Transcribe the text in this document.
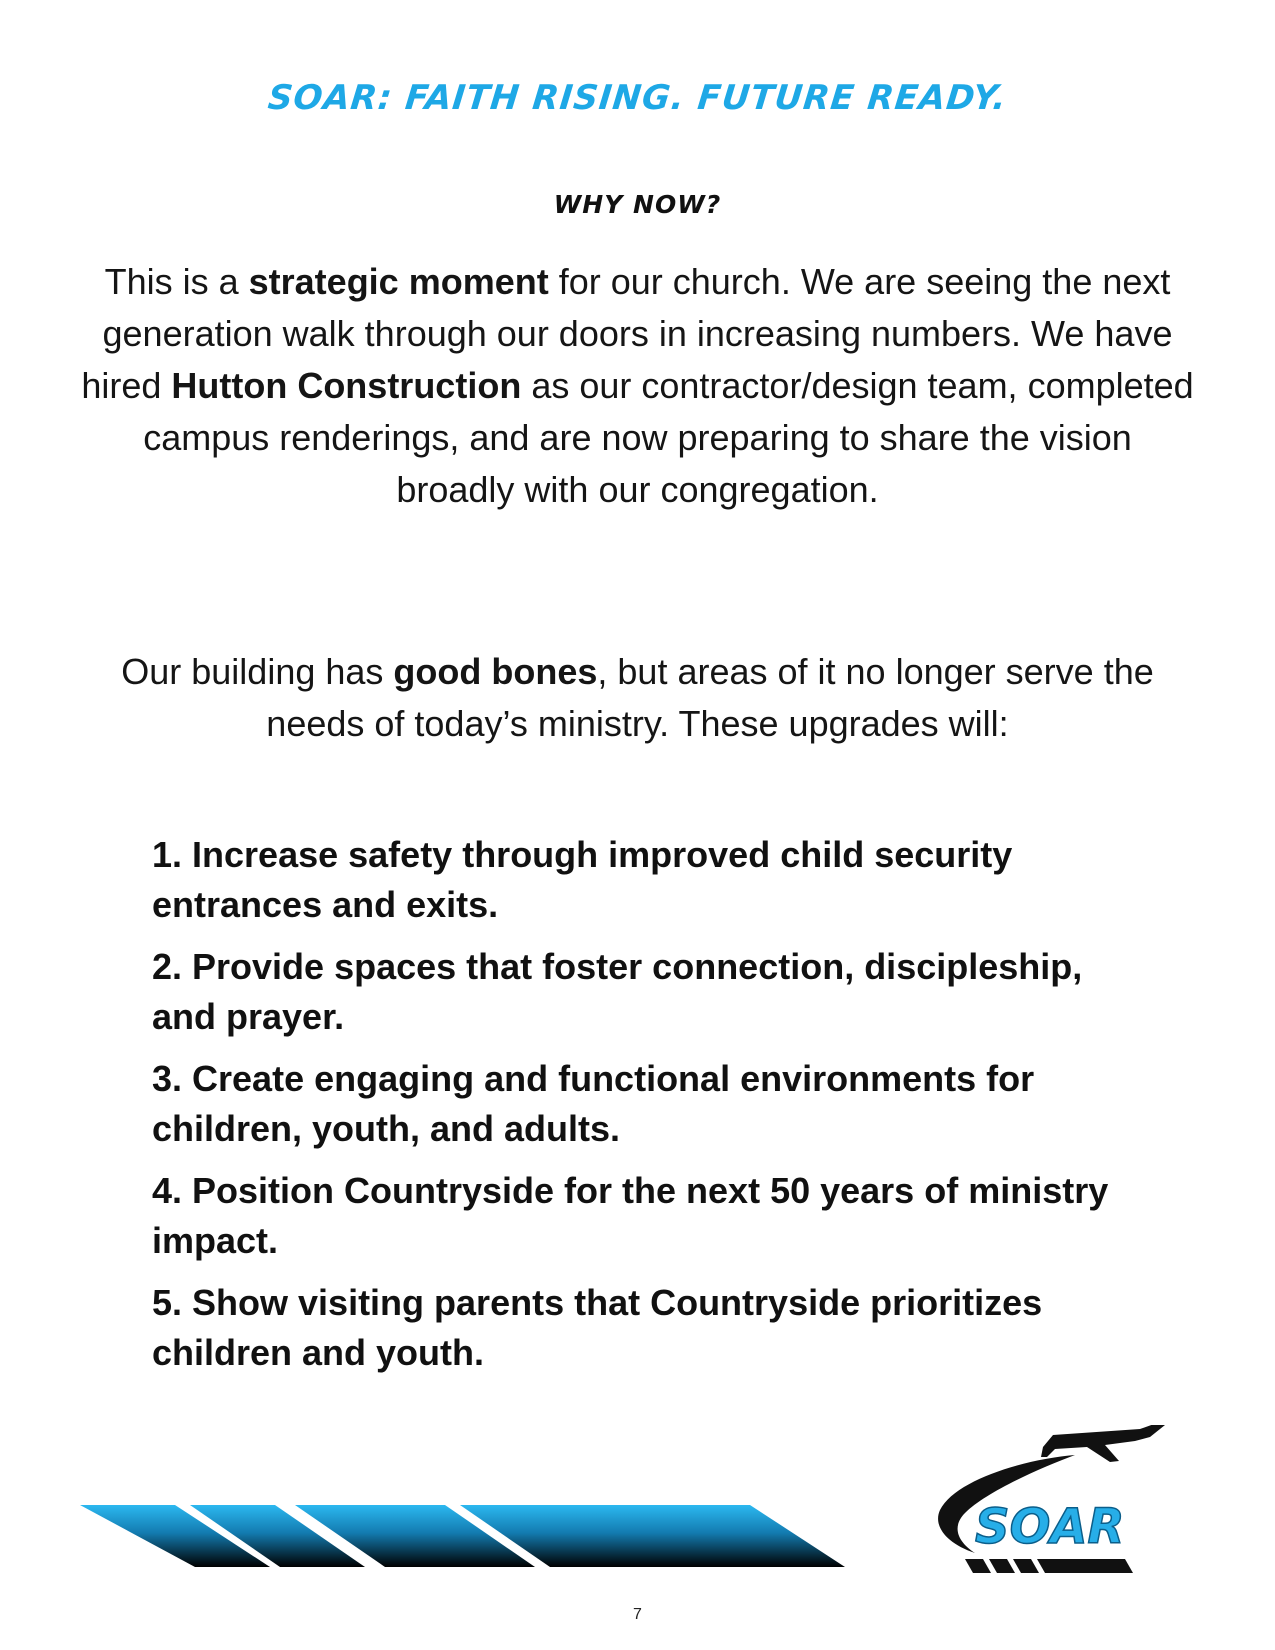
SOAR: FAITH RISING. FUTURE READY.
WHY NOW?

This is a strategic moment for our church. We are seeing the next generation walk through our doors in increasing numbers. We have hired Hutton Construction as our contractor/design team, completed campus renderings, and are now preparing to share the vision broadly with our congregation.

Our building has good bones, but areas of it no longer serve the needs of today’s ministry. These upgrades will:

1. Increase safety through improved child security entrances and exits.
2. Provide spaces that foster connection, discipleship, and prayer.
3. Create engaging and functional environments for children, youth, and adults.
4. Position Countryside for the next 50 years of ministry impact.
5. Show visiting parents that Countryside prioritizes children and youth.
SOAR
7
